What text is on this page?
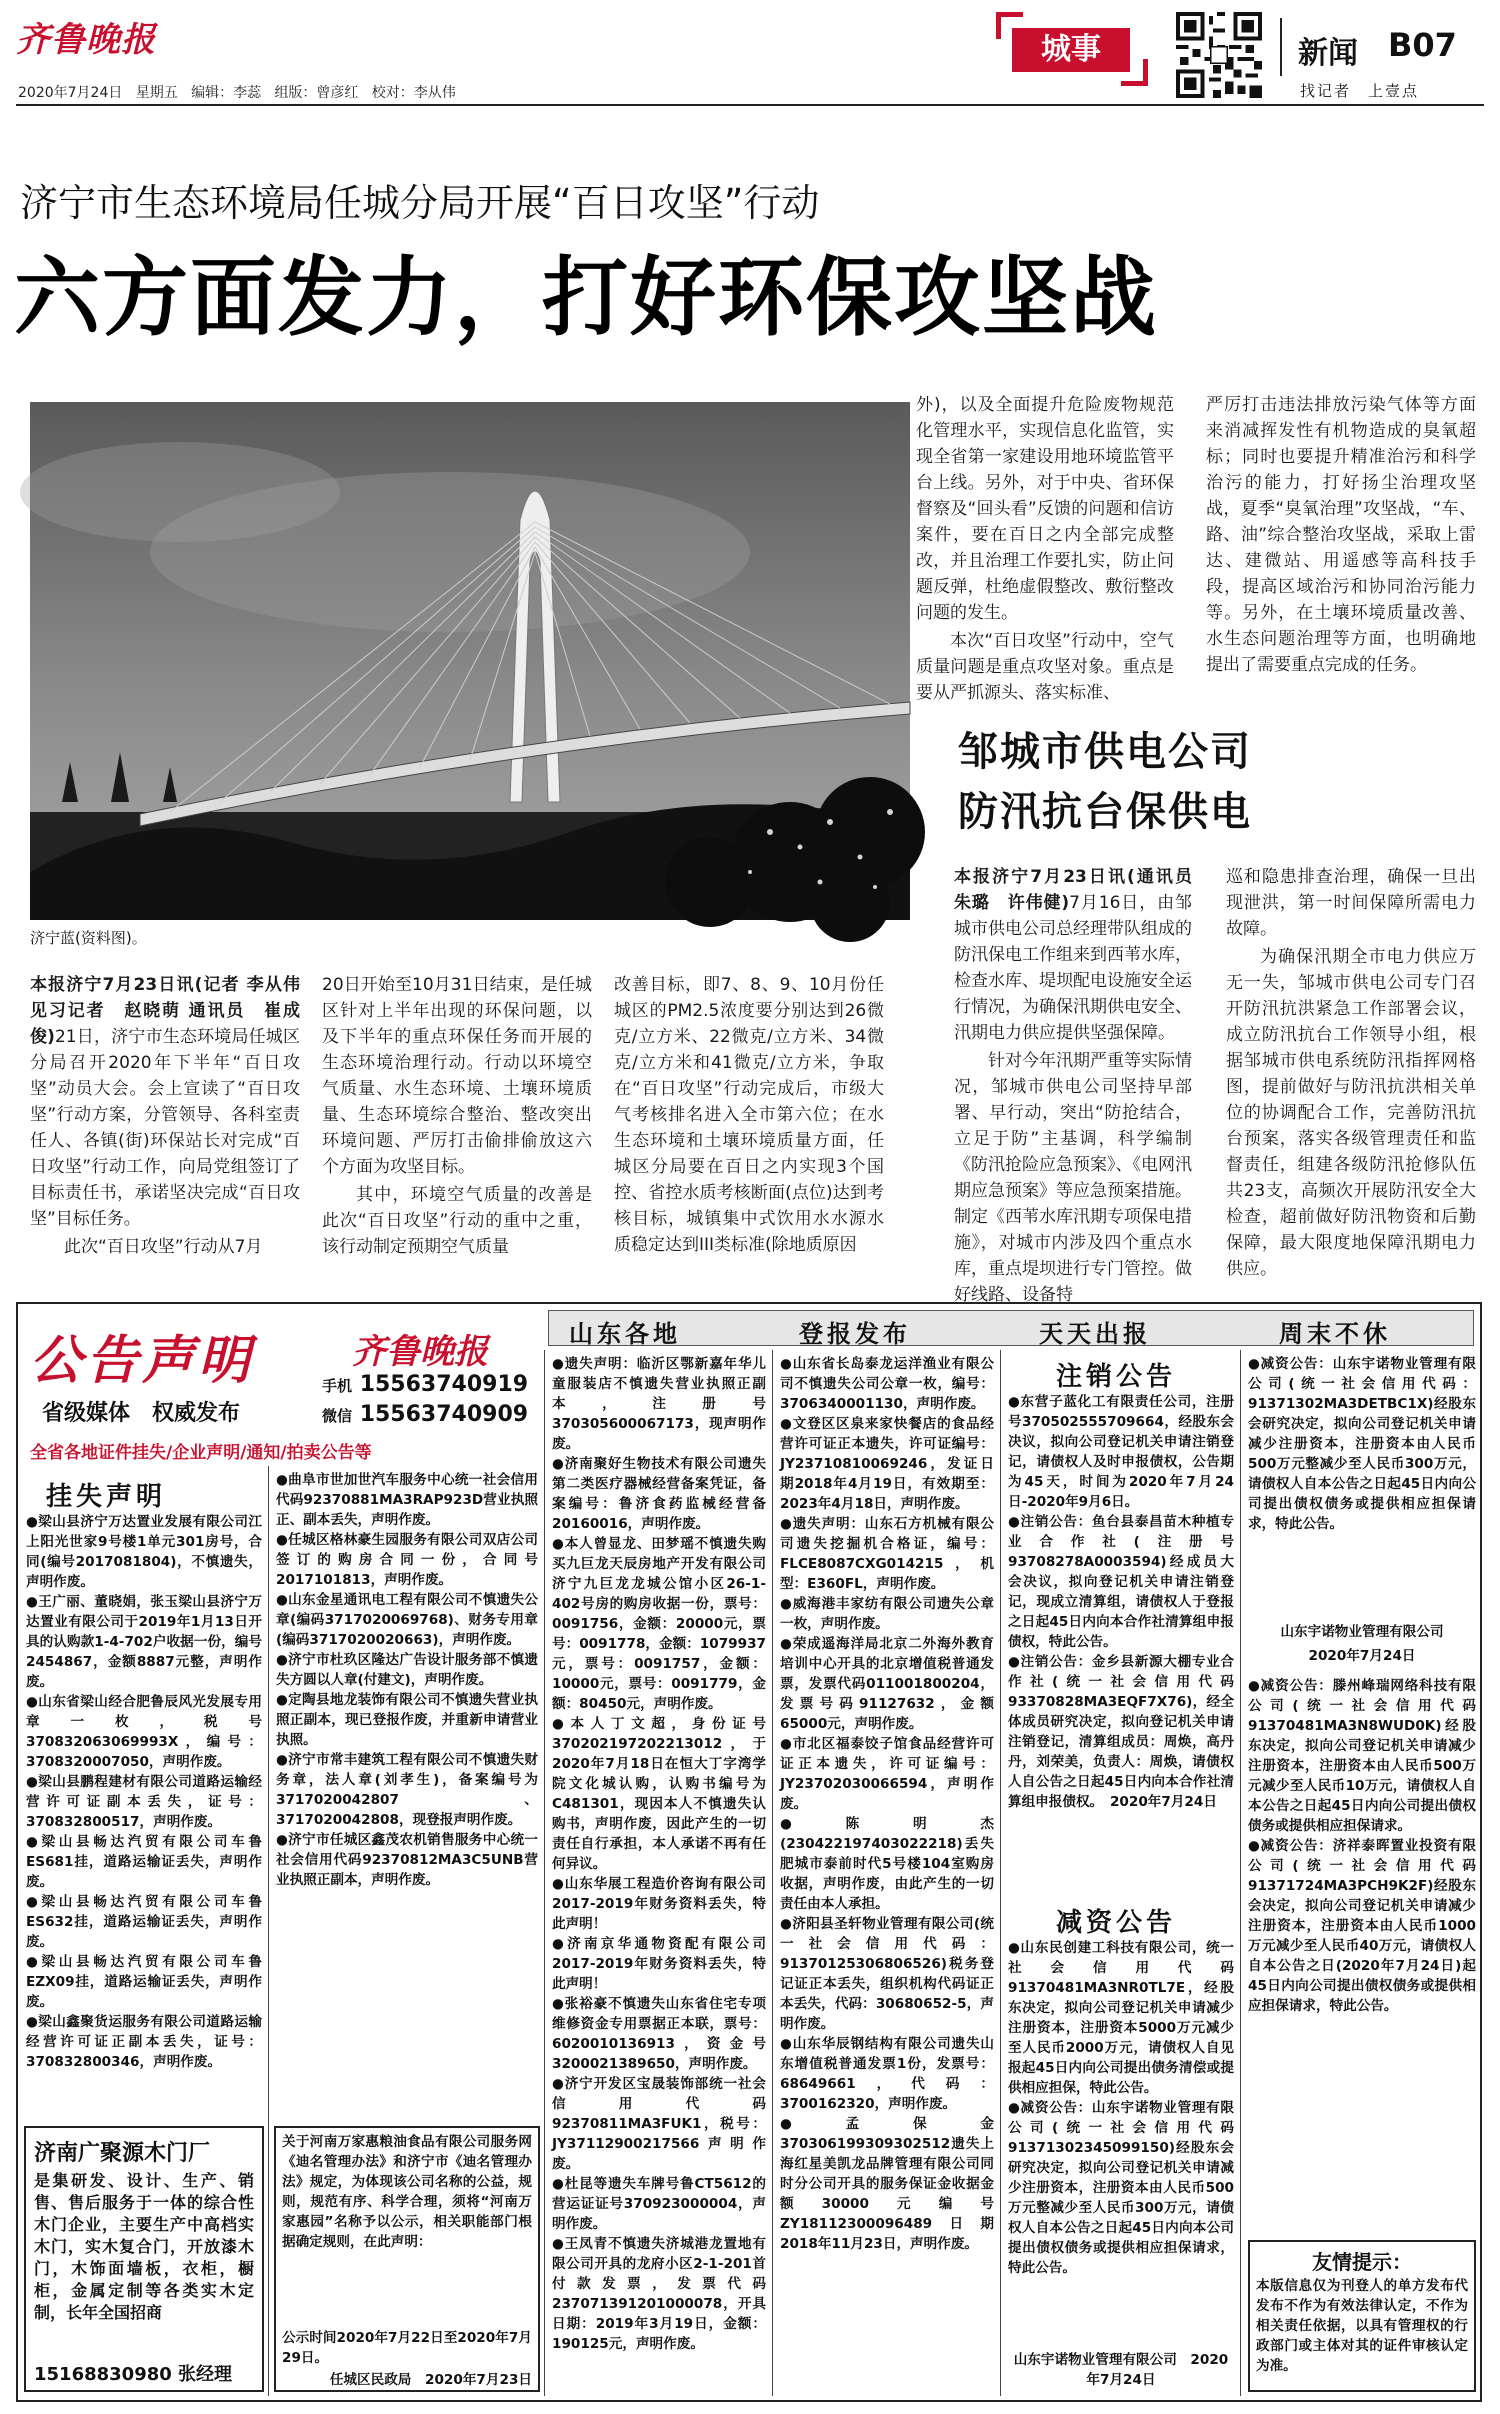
齐鲁晚报
2020年7月24日 星期五 编辑：李蕊 组版：曾彦红 校对：李从伟
城事	新闻 B07
找记者　上壹点
济宁市生态环境局任城分局开展“百日攻坚”行动
六方面发力，打好环保攻坚战
济宁蓝(资料图)。

本报济宁7月23日讯(记者 李从伟　见习记者　赵晓萌 通讯员　崔成俊)21日，济宁市生态环境局任城区分局召开2020年下半年“百日攻坚”动员大会。会上宣读了“百日攻坚”行动方案，分管领导、各科室责任人、各镇(街)环保站长对完成“百日攻坚”行动工作，向局党组签订了目标责任书，承诺坚决完成“百日攻坚”目标任务。

此次“百日攻坚”行动从7月

20日开始至10月31日结束，是任城区针对上半年出现的环保问题，以及下半年的重点环保任务而开展的生态环境治理行动。行动以环境空气质量、水生态环境、土壤环境质量、生态环境综合整治、整改突出环境问题、严厉打击偷排偷放这六个方面为攻坚目标。

其中，环境空气质量的改善是此次“百日攻坚”行动的重中之重，该行动制定预期空气质量

改善目标，即7、8、9、10月份任城区的PM2.5浓度要分别达到26微克/立方米、22微克/立方米、34微克/立方米和41微克/立方米，争取在“百日攻坚”行动完成后，市级大气考核排名进入全市第六位；在水生态环境和土壤环境质量方面，任城区分局要在百日之内实现3个国控、省控水质考核断面(点位)达到考核目标，城镇集中式饮用水水源水质稳定达到III类标准(除地质原因

外)，以及全面提升危险废物规范化管理水平，实现信息化监管，实现全省第一家建设用地环境监管平台上线。另外，对于中央、省环保督察及“回头看”反馈的问题和信访案件，要在百日之内全部完成整改，并且治理工作要扎实，防止问题反弹，杜绝虚假整改、敷衍整改问题的发生。

本次“百日攻坚”行动中，空气质量问题是重点攻坚对象。重点是要从严抓源头、落实标准、

严厉打击违法排放污染气体等方面来消减挥发性有机物造成的臭氧超标；同时也要提升精准治污和科学治污的能力，打好扬尘治理攻坚战，夏季“臭氧治理”攻坚战，“车、路、油”综合整治攻坚战，采取上雷达、建微站、用遥感等高科技手段，提高区域治污和协同治污能力等。另外，在土壤环境质量改善、水生态问题治理等方面，也明确地提出了需要重点完成的任务。

邹城市供电公司
防汛抗台保供电

本报济宁7月23日讯(通讯员　朱璐　许伟健)7月16日，由邹城市供电公司总经理带队组成的防汛保电工作组来到西苇水库，检查水库、堤坝配电设施安全运行情况，为确保汛期供电安全、汛期电力供应提供坚强保障。

针对今年汛期严重等实际情况，邹城市供电公司坚持早部署、早行动，突出“防抢结合，立足于防”主基调，科学编制《防汛抢险应急预案》、《电网汛期应急预案》等应急预案措施。制定《西苇水库汛期专项保电措施》，对城市内涉及四个重点水库，重点堤坝进行专门管控。做好线路、设备特

巡和隐患排查治理，确保一旦出现泄洪，第一时间保障所需电力故障。

为确保汛期全市电力供应万无一失，邹城市供电公司专门召开防汛抗洪紧急工作部署会议，成立防汛抗台工作领导小组，根据邹城市供电系统防汛指挥网格图，提前做好与防汛抗洪相关单位的协调配合工作，完善防汛抗台预案，落实各级管理责任和监督责任，组建各级防汛抢修队伍共23支，高频次开展防汛安全大检查，超前做好防汛物资和后勤保障，最大限度地保障汛期电力供应。

公告声明	齐鲁晚报
手机 15563740919
微信 15563740909
省级媒体　权威发布
全省各地证件挂失/企业声明/通知/拍卖公告等
山东各地	登报发布	天天出报	周末不休
挂失声明

●梁山县济宁万达置业发展有限公司江上阳光世家9号楼1单元301房号，合同(编号2017081804)，不慎遗失，声明作废。

●王广丽、董晓娟，张玉梁山县济宁万达置业有限公司于2019年1月13日开具的认购款1-4-702户收据一份，编号2454867，金额8887元整，声明作废。

●山东省梁山经合肥鲁辰风光发展专用章一枚，税号370832063069993X，编号：3708320007050，声明作废。

●梁山县鹏程建材有限公司道路运输经营许可证副本丢失，证号：370832800517，声明作废。

●梁山县畅达汽贸有限公司车鲁ES681挂，道路运输证丢失，声明作废。

●梁山县畅达汽贸有限公司车鲁ES632挂，道路运输证丢失，声明作废。

●梁山县畅达汽贸有限公司车鲁EZX09挂，道路运输证丢失，声明作废。

●梁山鑫聚货运服务有限公司道路运输经营许可证正副本丢失，证号：370832800346，声明作废。

济南广聚源木门厂
是集研发、设计、生产、销售、售后服务于一体的综合性木门企业，主要生产中高档实木门，实木复合门，开放漆木门，木饰面墙板，衣柜，橱柜，金属定制等各类实木定制，长年全国招商
15168830980 张经理

●曲阜市世加世汽车服务中心统一社会信用代码92370881MA3RAP923D营业执照正、副本丢失，声明作废。

●任城区格林豪生园服务有限公司双店公司签订的购房合同一份，合同号2017101813，声明作废。

●山东金星通讯电工程有限公司不慎遗失公章(编码3717020069768)、财务专用章(编码3717020020663)，声明作废。

●济宁市杜玖区隆达广告设计服务部不慎遗失方圆以人章(付建文)，声明作废。

●定陶县地龙装饰有限公司不慎遗失营业执照正副本，现已登报作废，并重新申请营业执照。

●济宁市常丰建筑工程有限公司不慎遗失财务章，法人章(刘孝生)，备案编号为3717020042807、3717020042808，现登报声明作废。

●济宁市任城区鑫茂农机销售服务中心统一社会信用代码92370812MA3C5UNB营业执照正副本，声明作废。

关于河南万家惠粮油食品有限公司服务网《迪名管理办法》和济宁市《迪名管理办法》规定，为体现该公司名称的公益，规则，规范有序、科学合理，须将“河南万家惠园”名称予以公示，相关职能部门根据确定规则，在此声明：

公示时间2020年7月22日至2020年7月29日。
任城区民政局　2020年7月23日

●遗失声明：临沂区鄂新嘉年华儿童服装店不慎遗失营业执照正副本，注册号370305600067173，现声明作废。

●济南聚好生物技术有限公司遗失第二类医疗器械经营备案凭证，备案编号：鲁济食药监械经营备20160016，声明作废。

●本人曾显龙、田梦瑶不慎遗失购买九巨龙天辰房地产开发有限公司济宁九巨龙龙城公馆小区26-1-402号房的购房收据一份，票号：0091756，金额：20000元，票号：0091778，金额：1079937元，票号：0091757，金额：10000元，票号：0091779，金额：80450元，声明作废。

●本人丁文超，身份证号370202197202213012，于2020年7月18日在恒大丁字湾学院文化城认购，认购书编号为C481301，现因本人不慎遗失认购书，声明作废，因此产生的一切责任自行承担，本人承诺不再有任何异议。

●山东华展工程造价咨询有限公司2017-2019年财务资料丢失，特此声明！

●济南京华通物资配有限公司2017-2019年财务资料丢失，特此声明！

●张裕豪不慎遗失山东省住宅专项维修资金专用票据正本联，票号：6020010136913，资金号3200021389650，声明作废。

●济宁开发区宝晟装饰部统一社会信用代码92370811MA3FUK1，税号：JY37112900217566声明作废。

●杜昆等遗失车牌号鲁CT5612的营运证证号370923000004，声明作废。

●王凤青不慎遗失济城港龙置地有限公司开具的龙府小区2-1-201首付款发票，发票代码237071391201000078，开具日期：2019年3月19日，金额：190125元，声明作废。

●山东省长岛泰龙运洋渔业有限公司不慎遗失公司公章一枚，编号：3706340001130，声明作废。

●文登区区泉来家快餐店的食品经营许可证正本遗失，许可证编号：JY23710810069246，发证日期2018年4月19日，有效期至：2023年4月18日，声明作废。

●遗失声明：山东石方机械有限公司遗失挖掘机合格证，编号：FLCE8087CXG014215，机型：E360FL，声明作废。

●威海港丰家纺有限公司遗失公章一枚，声明作废。

●荣成遥海洋局北京二外海外教育培训中心开具的北京增值税普通发票，发票代码011001800204，发票号码91127632，金额65000元，声明作废。

●市北区福泰饺子馆食品经营许可证正本遗失，许可证编号：JY23702030066594，声明作废。

●陈明杰(230422197403022218)丢失肥城市泰前时代5号楼104室购房收据，声明作废，由此产生的一切责任由本人承担。

●济阳县圣轩物业管理有限公司(统一社会信用代码：91370125306806526)税务登记证正本丢失，组织机构代码证正本丢失，代码：30680652-5，声明作废。

●山东华辰钢结构有限公司遗失山东增值税普通发票1份，发票号：68649661，代码：3700162320，声明作废。

●孟保金370306199309302512遗失上海红星美凯龙品牌管理有限公司同时分公司开具的服务保证金收据金额30000元编号ZY18112300096489日期2018年11月23日，声明作废。

注销公告

●东营子蓝化工有限责任公司，注册号370502555709664，经股东会决议，拟向公司登记机关申请注销登记，请债权人及时申报债权，公告期为45天，时间为2020年7月24日-2020年9月6日。

●注销公告：鱼台县泰昌苗木种植专业合作社(注册号93708278A0003594)经成员大会决议，拟向登记机关申请注销登记，现成立清算组，请债权人于登报之日起45日内向本合作社清算组申报债权，特此公告。

●注销公告：金乡县新源大棚专业合作社(统一社会信用代码93370828MA3EQF7X76)，经全体成员研究决定，拟向登记机关申请注销登记，清算组成员：周焕，高丹丹，刘荣美，负责人：周焕，请债权人自公告之日起45日内向本合作社清算组申报债权。　2020年7月24日

减资公告

●山东民创建工科技有限公司，统一社会信用代码91370481MA3NR0TL7E，经股东决定，拟向公司登记机关申请减少注册资本，注册资本5000万元减少至人民币2000万元，请债权人自见报起45日内向公司提出债务清偿或提供相应担保，特此公告。

●减资公告：山东宇诺物业管理有限公司(统一社会信用代码91371302345099150)经股东会研究决定，拟向公司登记机关申请减少注册资本，注册资本由人民币500万元整减少至人民币300万元，请债权人自本公告之日起45日内向本公司提出债权债务或提供相应担保请求，特此公告。

山东宇诺物业管理有限公司　2020年7月24日

●减资公告：山东宇诺物业管理有限公司(统一社会信用代码：91371302MA3DETBC1X)经股东会研究决定，拟向公司登记机关申请减少注册资本，注册资本由人民币500万元整减少至人民币300万元，请债权人自本公告之日起45日内向公司提出债权债务或提供相应担保请求，特此公告。

山东宇诺物业管理有限公司
2020年7月24日

●减资公告：滕州峰瑞网络科技有限公司(统一社会信用代码91370481MA3N8WUD0K)经股东决定，拟向公司登记机关申请减少注册资本，注册资本由人民币500万元减少至人民币10万元，请债权人自本公告之日起45日内向公司提出债权债务或提供相应担保请求。

●减资公告：济祥泰晖置业投资有限公司(统一社会信用代码91371724MA3PCH9K2F)经股东会决定，拟向公司登记机关申请减少注册资本，注册资本由人民币1000万元减少至人民币40万元，请债权人自本公告之日(2020年7月24日)起45日内向公司提出债权债务或提供相应担保请求，特此公告。

友情提示：
本版信息仅为刊登人的单方发布代发布不作为有效法律认定，不作为相关责任依据，以具有管理权的行政部门或主体对其的证件审核认定为准。
